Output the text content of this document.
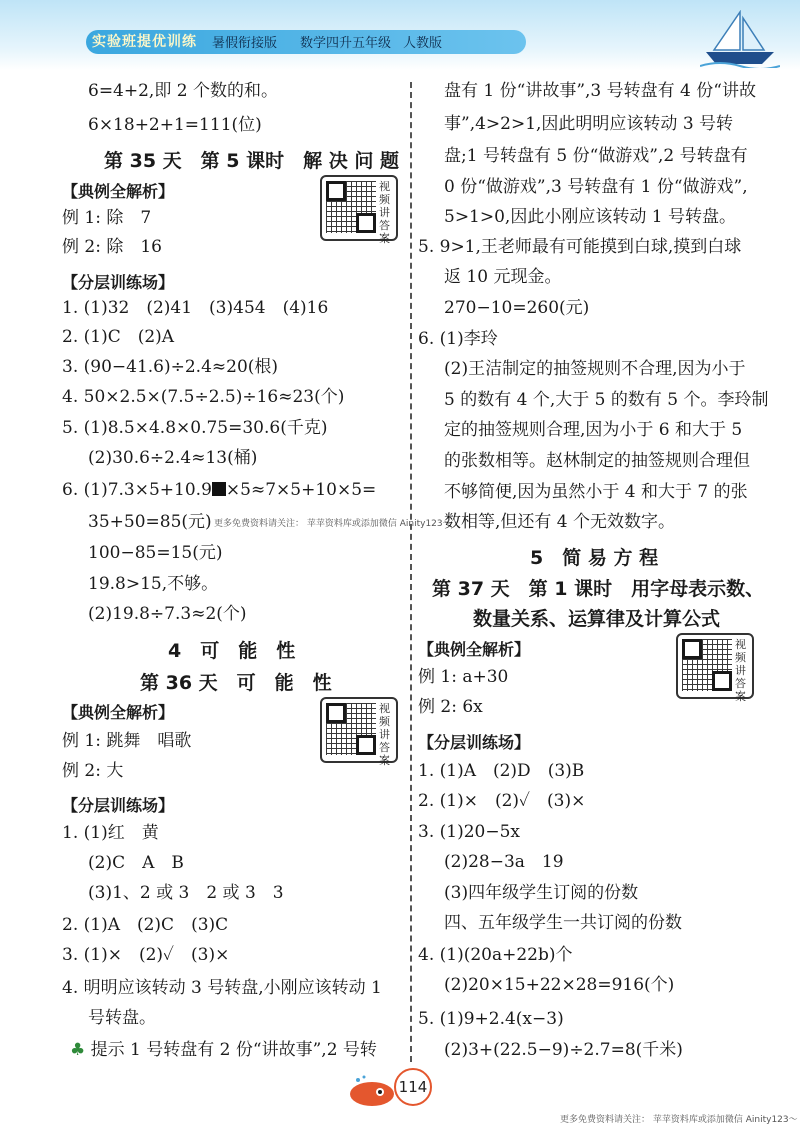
实验班提优训练 暑假衔接版 数学四升五年级 人教版
6=4+2,即 2 个数的和。
6×18+2+1=111(位)
第 35 天　第 5 课时　解 决 问 题
【典例全解析】	视频讲答案
例 1: 除　7
例 2: 除　16
【分层训练场】
1. (1)32　(2)41　(3)454　(4)16
2. (1)C　(2)A
3. (90−41.6)÷2.4≈20(根)
4. 50×2.5×(7.5÷2.5)÷16≈23(个)
5. (1)8.5×4.8×0.75=30.6(千克)
(2)30.6÷2.4≈13(桶)
6. (1)7.3×5+10.9 ×5≈7×5+10×5=
35+50=85(元) 更多免费资料请关注： 苹苹资料库或添加微信 Ainity123～
100−85=15(元)
19.8>15,不够。
(2)19.8÷7.3≈2(个)
4　可　能　性
第 36 天　可　能　性
【典例全解析】	视频讲答案
例 1: 跳舞　唱歌
例 2: 大
【分层训练场】
1. (1)红　黄
(2)C　A　B
(3)1、2 或 3　2 或 3　3
2. (1)A　(2)C　(3)C
3. (1)×　(2)✓　(3)×
4. 明明应该转动 3 号转盘,小刚应该转动 1
号转盘。
♣ 提示 1 号转盘有 2 份“讲故事”,2 号转
盘有 1 份“讲故事”,3 号转盘有 4 份“讲故
事”,4>2>1,因此明明应该转动 3 号转
盘;1 号转盘有 5 份“做游戏”,2 号转盘有
0 份“做游戏”,3 号转盘有 1 份“做游戏”,
5>1>0,因此小刚应该转动 1 号转盘。
5. 9>1,王老师最有可能摸到白球,摸到白球
返 10 元现金。
270−10=260(元)
6. (1)李玲
(2)王洁制定的抽签规则不合理,因为小于
5 的数有 4 个,大于 5 的数有 5 个。李玲制
定的抽签规则合理,因为小于 6 和大于 5
的张数相等。赵林制定的抽签规则合理但
不够简便,因为虽然小于 4 和大于 7 的张
数相等,但还有 4 个无效数字。
5　简 易 方 程
第 37 天　第 1 课时　用字母表示数、
数量关系、运算律及计算公式
【典例全解析】	视频讲答案
例 1: a+30
例 2: 6x
【分层训练场】
1. (1)A　(2)D　(3)B
2. (1)×　(2)✓　(3)×
3. (1)20−5x
(2)28−3a　19
(3)四年级学生订阅的份数
四、五年级学生一共订阅的份数
4. (1)(20a+22b)个
(2)20×15+22×28=916(个)
5. (1)9+2.4(x−3)
(2)3+(22.5−9)÷2.7=8(千米)
114
更多免费资料请关注： 苹苹资料库或添加微信 Ainity123～
